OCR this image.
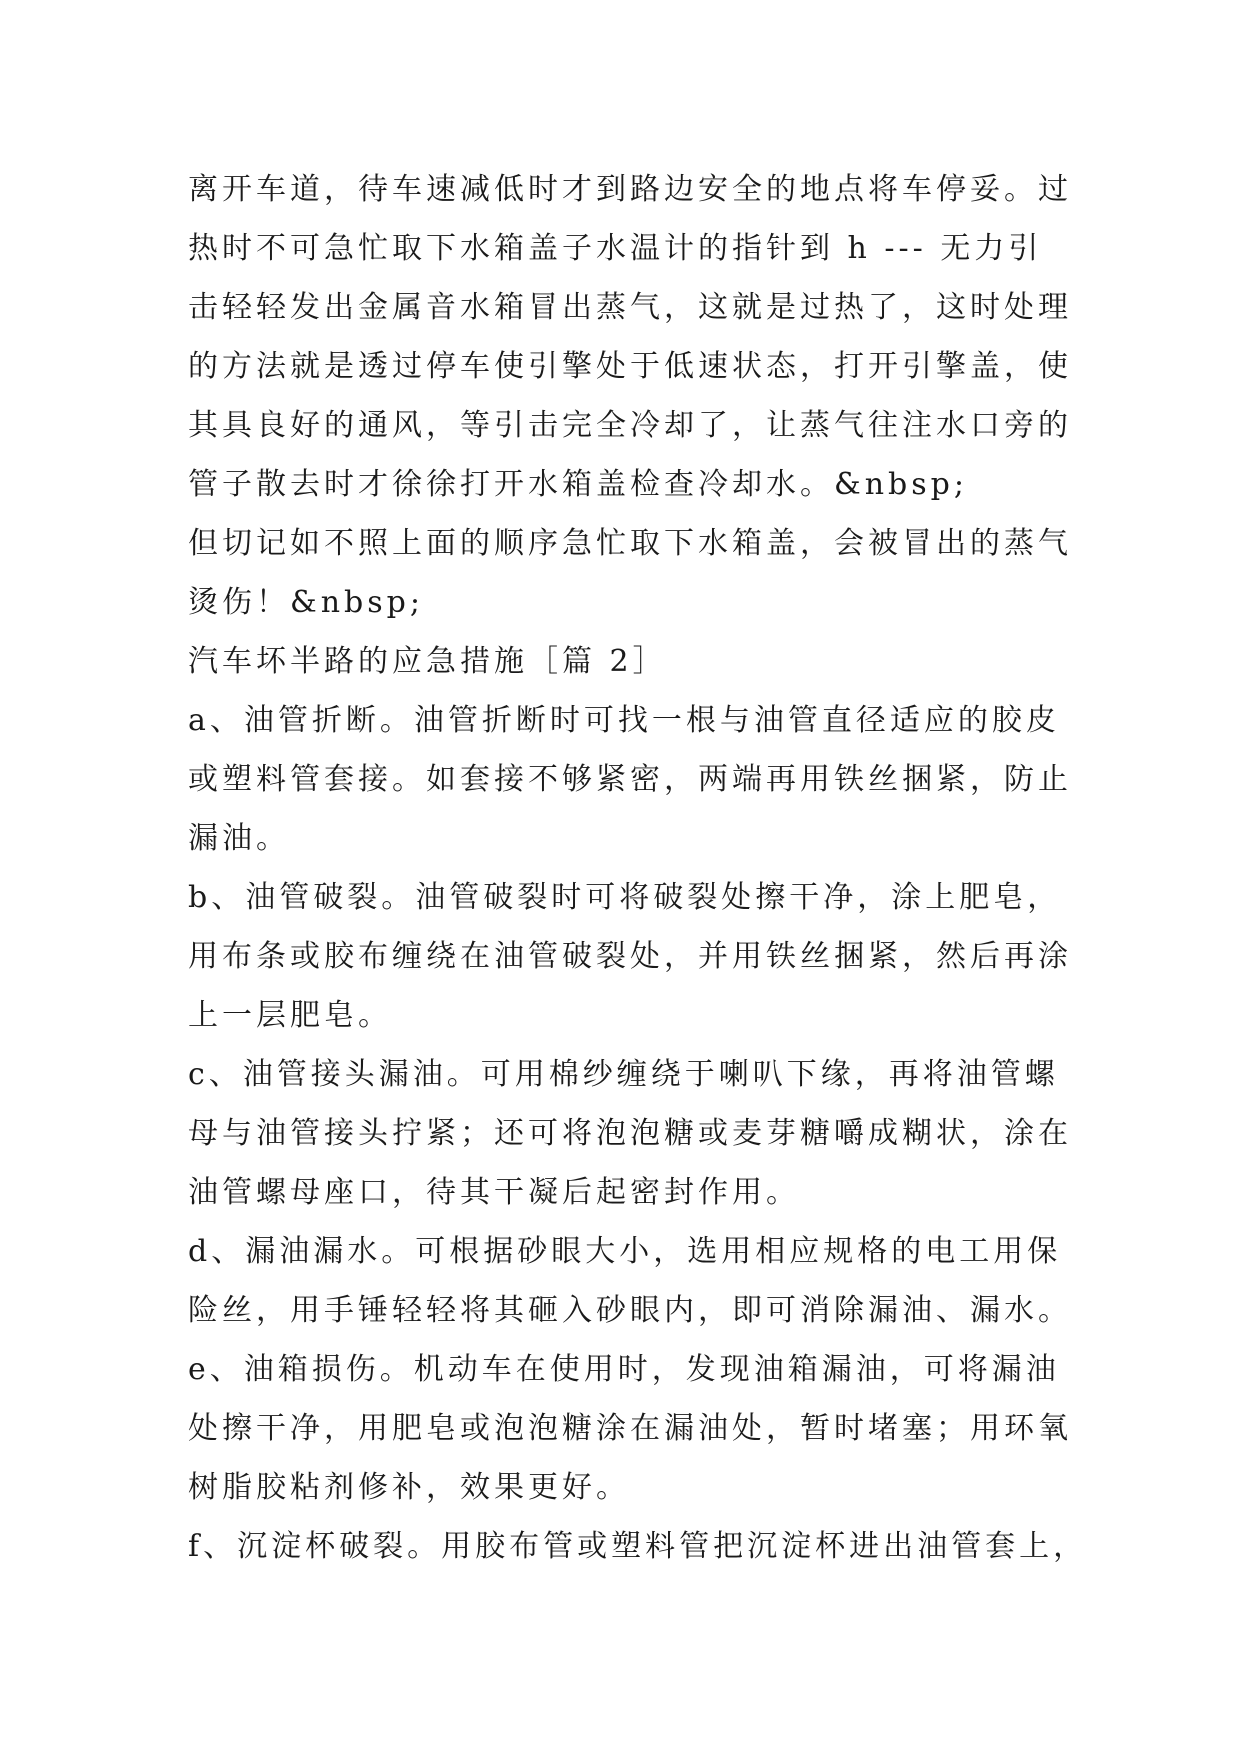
离开车道，待车速减低时才到路边安全的地点将车停妥。过
热时不可急忙取下水箱盖子水温计的指针到 h --- 无力引
击轻轻发出金属音水箱冒出蒸气，这就是过热了，这时处理
的方法就是透过停车使引擎处于低速状态，打开引擎盖，使
其具良好的通风，等引击完全冷却了，让蒸气往注水口旁的
管子散去时才徐徐打开水箱盖检查冷却水。&nbsp;
但切记如不照上面的顺序急忙取下水箱盖，会被冒出的蒸气
烫伤！&nbsp;
汽车坏半路的应急措施［篇 2］
a、油管折断。油管折断时可找一根与油管直径适应的胶皮
或塑料管套接。如套接不够紧密，两端再用铁丝捆紧，防止
漏油。
b、油管破裂。油管破裂时可将破裂处擦干净，涂上肥皂，
用布条或胶布缠绕在油管破裂处，并用铁丝捆紧，然后再涂
上一层肥皂。
c、油管接头漏油。可用棉纱缠绕于喇叭下缘，再将油管螺
母与油管接头拧紧；还可将泡泡糖或麦芽糖嚼成糊状，涂在
油管螺母座口，待其干凝后起密封作用。
d、漏油漏水。可根据砂眼大小，选用相应规格的电工用保
险丝，用手锤轻轻将其砸入砂眼内，即可消除漏油、漏水。
e、油箱损伤。机动车在使用时，发现油箱漏油，可将漏油
处擦干净，用肥皂或泡泡糖涂在漏油处，暂时堵塞；用环氧
树脂胶粘剂修补，效果更好。
f、沉淀杯破裂。用胶布管或塑料管把沉淀杯进出油管套上，
